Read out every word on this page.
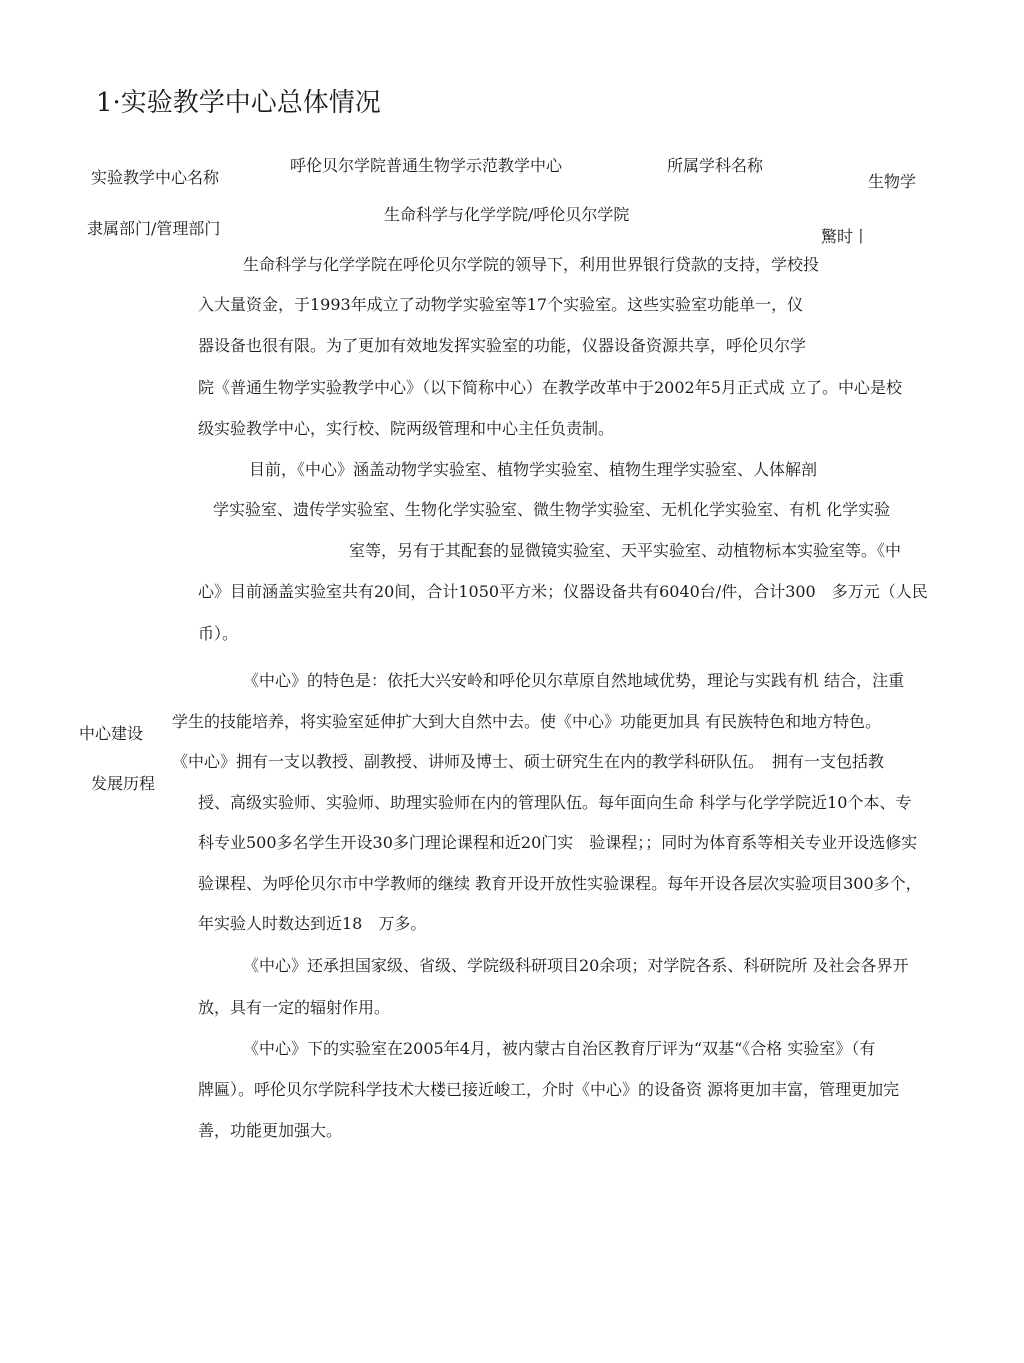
1·实验教学中心总体情况
实验教学中心名称
呼伦贝尔学院普通生物学示范教学中心	所属学科名称
生物学
隶属部门/管理部门
生命科学与化学学院/呼伦贝尔学院
驚时丨
中心建设
发展历程
生命科学与化学学院在呼伦贝尔学院的领导下，利用世界银行贷款的支持，学校投
入大量资金，于1993年成立了动物学实验室等17个实验室。这些实验室功能单一，仪
器设备也很有限。为了更加有效地发挥实验室的功能，仪器设备资源共享，呼伦贝尔学
院《普通生物学实验教学中心》（以下简称中心）在教学改革中于2002年5月正式成 立了。中心是校
级实验教学中心，实行校、院两级管理和中心主任负责制。
目前，《中心》涵盖动物学实验室、植物学实验室、植物生理学实验室、人体解剖
学实验室、遗传学实验室、生物化学实验室、微生物学实验室、无机化学实验室、有机 化学实验
室等，另有于其配套的显微镜实验室、天平实验室、动植物标本实验室等。《中
心》目前涵盖实验室共有20间，合计1050平方米；仪器设备共有6040台/件，合计300　多万元（人民
币）。
《中心》的特色是：依托大兴安岭和呼伦贝尔草原自然地域优势，理论与实践有机 结合，注重
学生的技能培养，将实验室延伸扩大到大自然中去。使《中心》功能更加具 有民族特色和地方特色。
《中心》拥有一支以教授、副教授、讲师及博士、硕士研究生在内的教学科研队伍。　拥有一支包括教
授、高级实验师、实验师、助理实验师在内的管理队伍。每年面向生命 科学与化学学院近10个本、专
科专业500多名学生开设30多门理论课程和近20门实　验课程；；同时为体育系等相关专业开设选修实
验课程、为呼伦贝尔市中学教师的继续 教育开设开放性实验课程。每年开设各层次实验项目300多个，
年实验人时数达到近18　万多。
《中心》还承担国家级、省级、学院级科研项目20余项；对学院各系、科研院所 及社会各界开
放，具有一定的辐射作用。
《中心》下的实验室在2005年4月，被内蒙古自治区教育厅评为“双基“《合格 实验室》（有
牌匾）。呼伦贝尔学院科学技术大楼已接近峻工，介时《中心》的设备资 源将更加丰富，管理更加完
善，功能更加强大。
